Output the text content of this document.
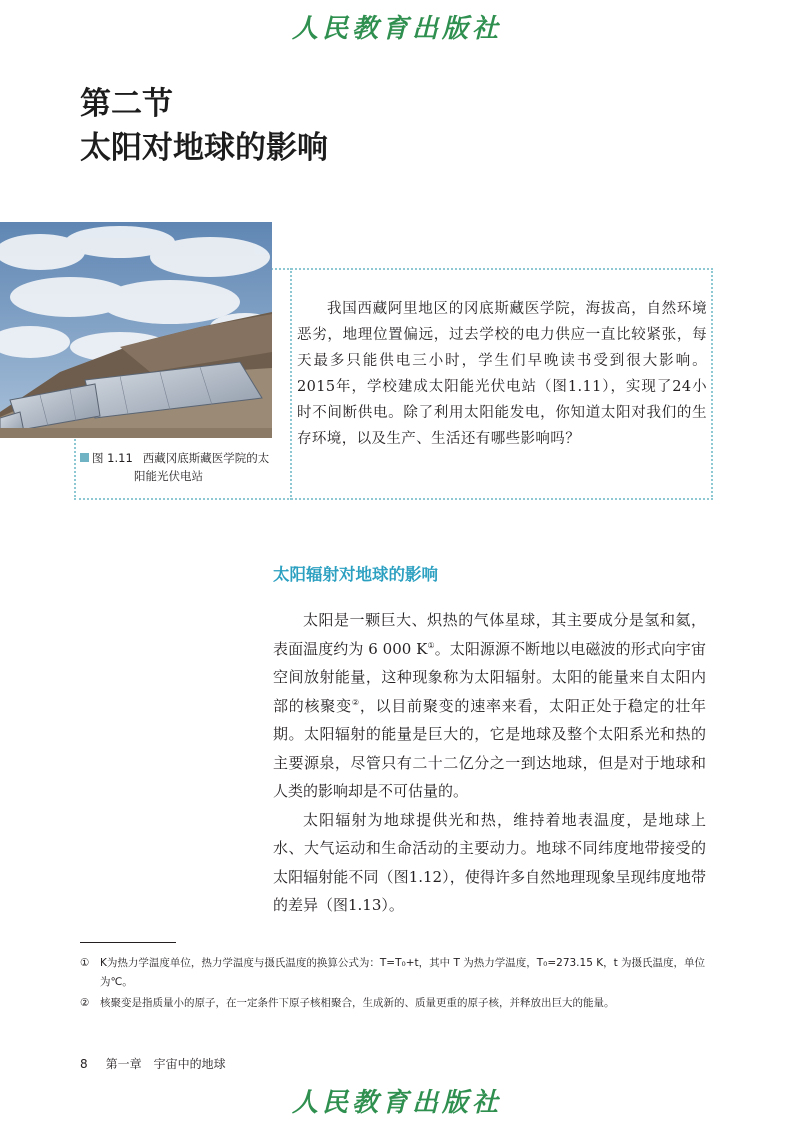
人民教育出版社
第二节
太阳对地球的影响
图 1.11 西藏冈底斯藏医学院的太
阳能光伏电站
我国西藏阿里地区的冈底斯藏医学院，海拔高，自然环境恶劣，地理位置偏远，过去学校的电力供应一直比较紧张，每天最多只能供电三小时，学生们早晚读书受到很大影响。2015年，学校建成太阳能光伏电站（图1.11），实现了24小时不间断供电。除了利用太阳能发电，你知道太阳对我们的生存环境，以及生产、生活还有哪些影响吗？
太阳辐射对地球的影响

太阳是一颗巨大、炽热的气体星球，其主要成分是氢和氦，表面温度约为 6 000 K①。太阳源源不断地以电磁波的形式向宇宙空间放射能量，这种现象称为太阳辐射。太阳的能量来自太阳内部的核聚变②，以目前聚变的速率来看，太阳正处于稳定的壮年期。太阳辐射的能量是巨大的，它是地球及整个太阳系光和热的主要源泉，尽管只有二十二亿分之一到达地球，但是对于地球和人类的影响却是不可估量的。

太阳辐射为地球提供光和热，维持着地表温度，是地球上水、大气运动和生命活动的主要动力。地球不同纬度地带接受的太阳辐射能不同（图1.12），使得许多自然地理现象呈现纬度地带的差异（图1.13）。

①	K为热力学温度单位，热力学温度与摄氏温度的换算公式为：T=T₀+t，其中 T 为热力学温度，T₀=273.15 K，t 为摄氏温度，单位为℃。
②	核聚变是指质量小的原子，在一定条件下原子核相聚合，生成新的、质量更重的原子核，并释放出巨大的能量。
8 第一章 宇宙中的地球
人民教育出版社
